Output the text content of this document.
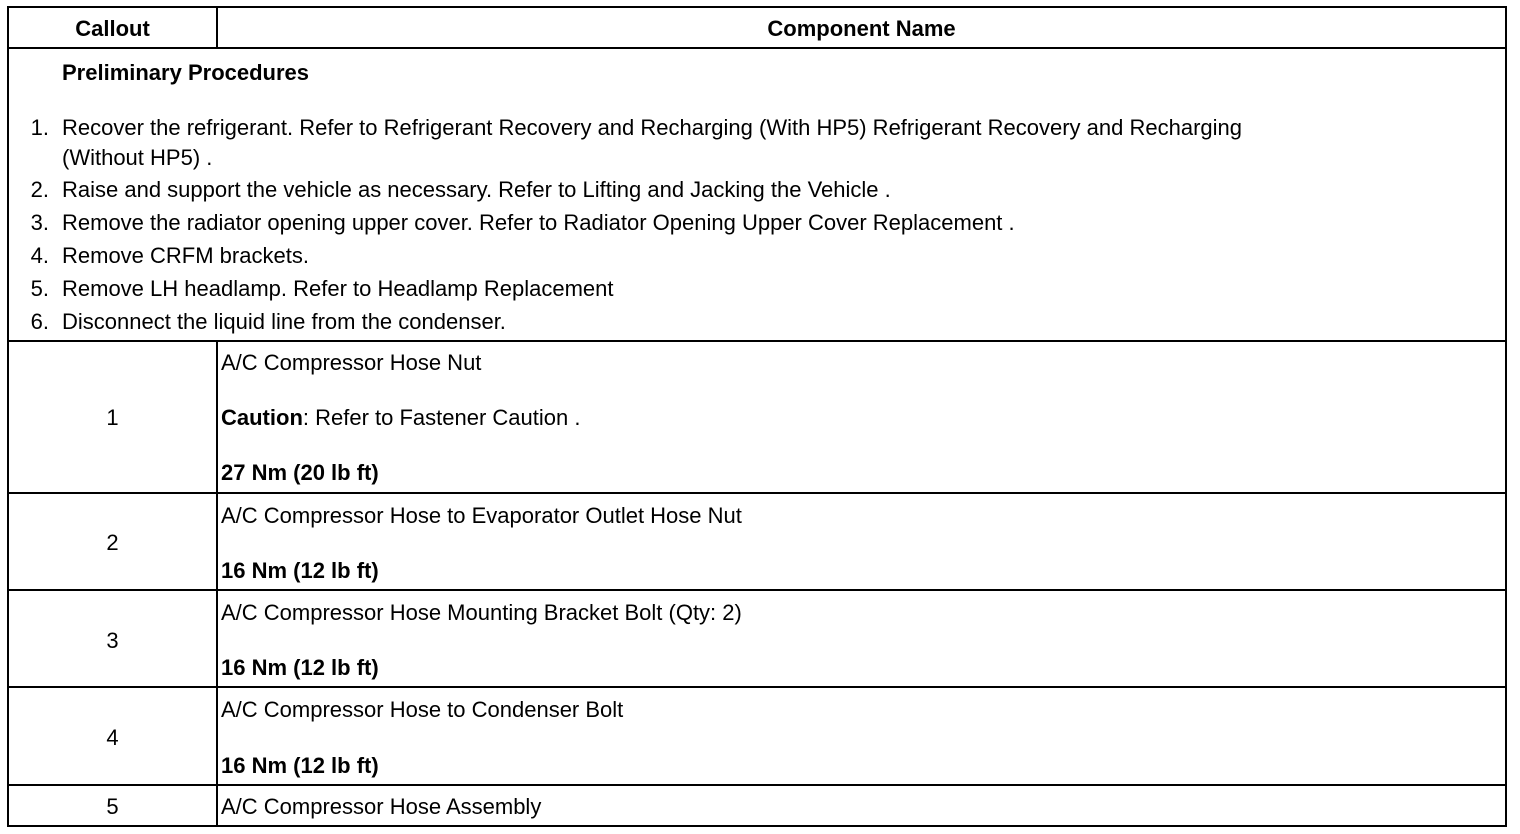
Callout	Component Name
Preliminary Procedures
1. Recover the refrigerant. Refer to Refrigerant Recovery and Recharging (With HP5) Refrigerant Recovery and Recharging
(Without HP5) .
2. Raise and support the vehicle as necessary. Refer to Lifting and Jacking the Vehicle .
3. Remove the radiator opening upper cover. Refer to Radiator Opening Upper Cover Replacement .
4. Remove CRFM brackets.
5. Remove LH headlamp. Refer to Headlamp Replacement
6. Disconnect the liquid line from the condenser.
1
A/C Compressor Hose Nut
Caution: Refer to Fastener Caution .
27 Nm (20 lb ft)
2
A/C Compressor Hose to Evaporator Outlet Hose Nut
16 Nm (12 lb ft)
3
A/C Compressor Hose Mounting Bracket Bolt (Qty: 2)
16 Nm (12 lb ft)
4
A/C Compressor Hose to Condenser Bolt
16 Nm (12 lb ft)
5	A/C Compressor Hose Assembly
